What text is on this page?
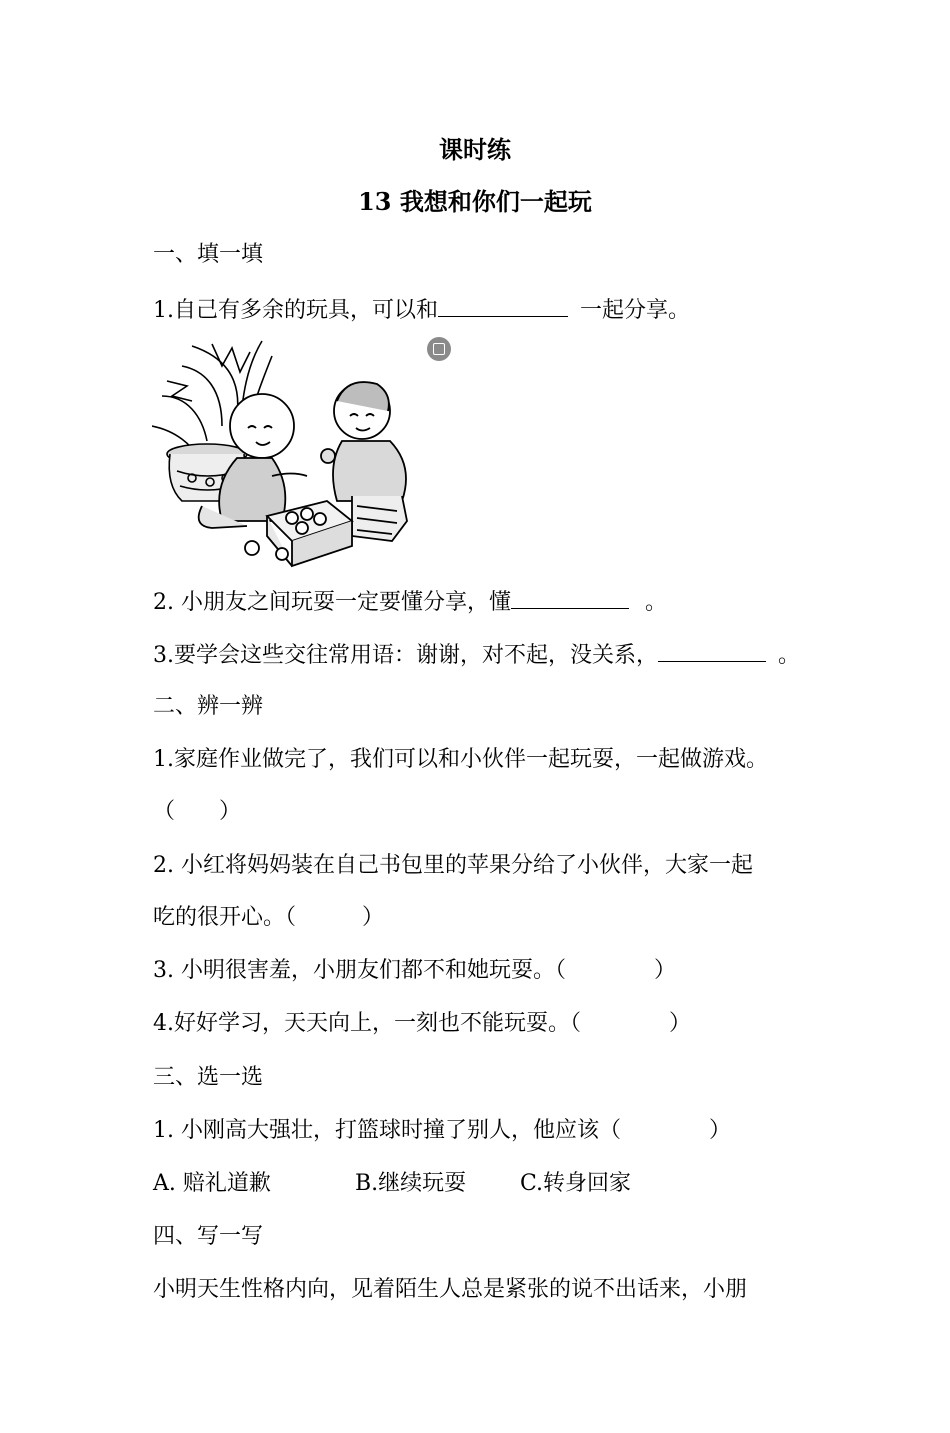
课时练
13 我想和你们一起玩
一、填一填
1.自己有多余的玩具，可以和	一起分享。
2. 小朋友之间玩耍一定要懂分享，懂	。
3.要学会这些交往常用语：谢谢，对不起，没关系，	。
二、辨一辨
1.家庭作业做完了，我们可以和小伙伴一起玩耍，一起做游戏。
（　　）
2. 小红将妈妈装在自己书包里的苹果分给了小伙伴，大家一起
吃的很开心。（　　　）
3. 小明很害羞，小朋友们都不和她玩耍。（　　　　）
4.好好学习，天天向上，一刻也不能玩耍。（　　　　）
三、选一选
1. 小刚高大强壮，打篮球时撞了别人，他应该（　　　　）
A. 赔礼道歉	B.继续玩耍 C.转身回家
四、写一写
小明天生性格内向，见着陌生人总是紧张的说不出话来，小朋
